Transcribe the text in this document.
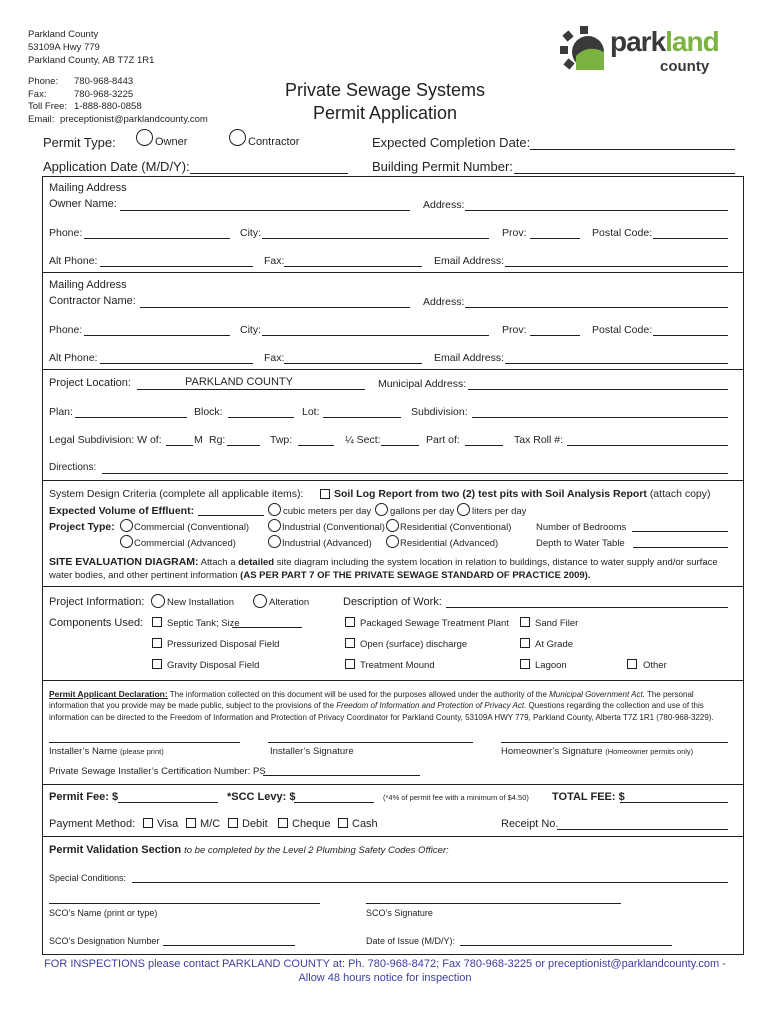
Parkland County
53109A Hwy 779
Parkland County, AB T7Z 1R1
Phone: 780-968-8443
Fax:	780-968-3225
Toll Free: 1-888-880-0858
Email: preceptionist@parklandcounty.com
Private Sewage Systems
Permit Application
parkland
county
Permit Type:	Owner	Contractor	Expected Completion Date:
Application Date (M/D/Y):	Building Permit Number:
Mailing Address
Owner Name:	Address:
Phone:	City:	Prov:	Postal Code:
Alt Phone:	Fax:	Email Address:
Mailing Address
Contractor Name:	Address:
Phone:	City:	Prov:	Postal Code:
Alt Phone:	Fax:	Email Address:
Project Location:	PARKLAND COUNTY	Municipal Address:
Plan:	Block:	Lot:	Subdivision:
Legal Subdivision: W of:	M Rg:	Twp:	¼ Sect:	Part of:	Tax Roll #:
Directions:
System Design Criteria (complete all applicable items):	Soil Log Report from two (2) test pits with Soil Analysis Report (attach copy)
Expected Volume of Effluent:	cubic meters per day gallons per day liters per day
Project Type: Commercial (Conventional)	Industrial (Conventional) Residential (Conventional)	Number of Bedrooms
Commercial (Advanced)	Industrial (Advanced)	Residential (Advanced)	Depth to Water Table
SITE EVALUATION DIAGRAM: Attach a detailed site diagram including the system location in relation to buildings, distance to water supply and/or surface
water bodies, and other pertinent information (AS PER PART 7 OF THE PRIVATE SEWAGE STANDARD OF PRACTICE 2009).
Project Information: New Installation	Alteration	Description of Work:
Components Used:	Septic Tank; Size	Packaged Sewage Treatment Plant	Sand Filer
Pressurized Disposal Field	Open (surface) discharge	At Grade
Gravity Disposal Field	Treatment Mound	Lagoon	Other
Permit Applicant Declaration: The information collected on this document will be used for the purposes allowed under the authority of the Municipal Government Act. The personal
information that you provide may be made public, subject to the provisions of the Freedom of Information and Protection of Privacy Act. Questions regarding the collection and use of this
information can be directed to the Freedom of Information and Protection of Privacy Coordinator for Parkland County, 53109A HWY 779, Parkland County, Alberta T7Z 1R1 (780-968-3229).
Installer’s Name (please print)	Installer’s Signature	Homeowner’s Signature (Homeowner permits only)
Private Sewage Installer’s Certification Number: PS
Permit Fee: $	*SCC Levy: $	(*4% of permit fee with a minimum of $4.50) TOTAL FEE: $
Payment Method: Visa M/C Debit Cheque Cash	Receipt No.
Permit Validation Section to be completed by the Level 2 Plumbing Safety Codes Officer:
Special Conditions:
SCO’s Name (print or type)	SCO’s Signature
SCO’s Designation Number	Date of Issue (M/D/Y):
FOR INSPECTIONS please contact PARKLAND COUNTY at: Ph. 780-968-8472; Fax 780-968-3225 or preceptionist@parklandcounty.com -
Allow 48 hours notice for inspection
